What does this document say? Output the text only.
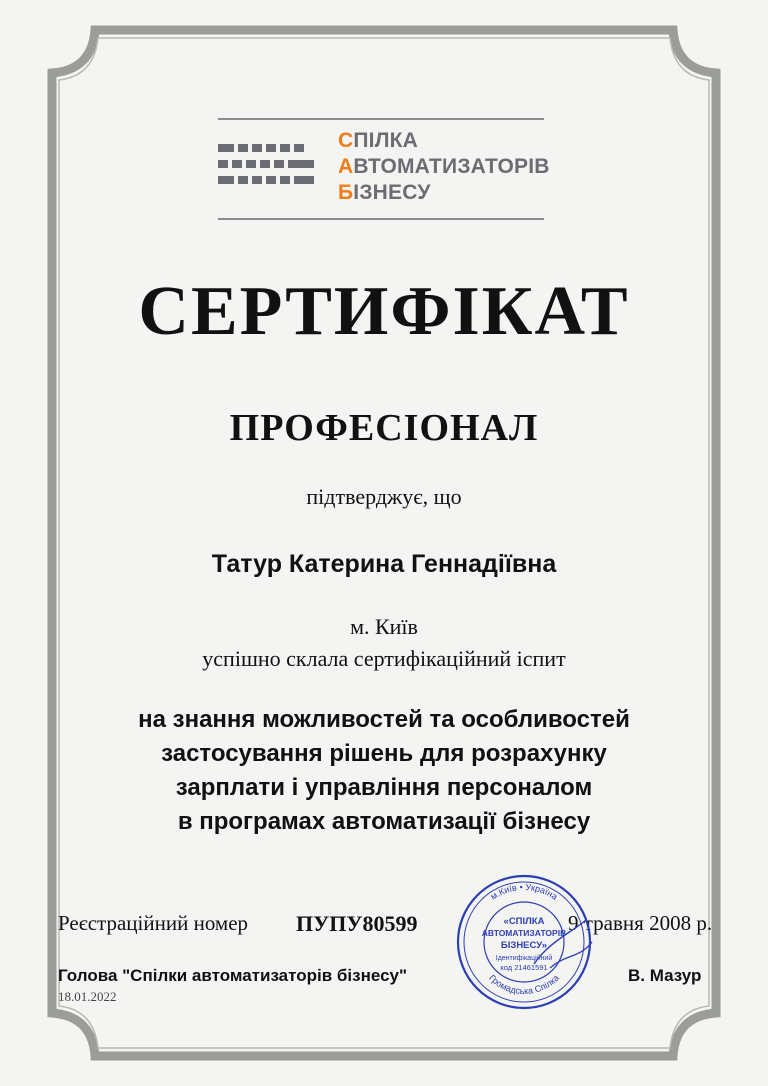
СПІЛКА
АВТОМАТИЗАТОРІВ
БІЗНЕСУ
СЕРТИФІКАТ
ПРОФЕСІОНАЛ
підтверджує, що
Татур Катерина Геннадіївна
м. Київ
успішно склала сертифікаційний іспит
на знання можливостей та особливостей
застосування рішень для розрахунку
зарплати і управління персоналом
в програмах автоматизації бізнесу
Реєстраційний номер ПУПУ80599	9 травня 2008 р.
Голова "Спілки автоматизаторів бізнесу"	В. Мазур
18.01.2022
м.Київ • Україна
Громадська Спілка
«СПІЛКА
АВТОМАТИЗАТОРІВ
БІЗНЕСУ»
Ідентифікаційний
код 21461591
